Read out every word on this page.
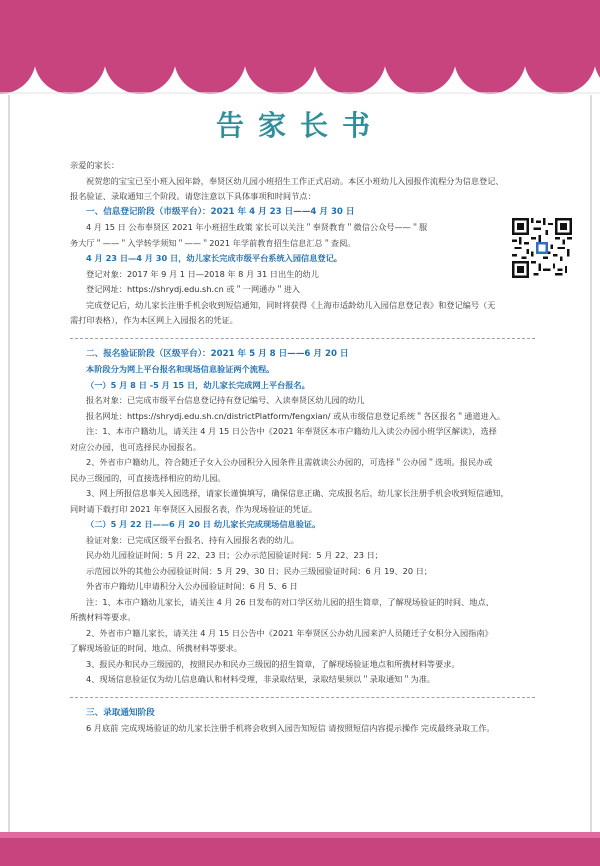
告家长书

亲爱的家长：

祝贺您的宝宝已至小班入园年龄，奉贤区幼儿园小班招生工作正式启动。本区小班幼儿入园报作流程分为信息登记、

报名验证、录取通知三个阶段。请您注意以下具体事项和时间节点：

一、信息登记阶段（市级平台）：2021 年 4 月 23 日——4 月 30 日

4 月 15 日 公布奉贤区 2021 年小班招生政策 家长可以关注＂奉贤教育＂微信公众号——＂服

务大厅＂——＂入学转学须知＂——＂2021 年学前教育招生信息汇总＂查阅。

4 月 23 日—4 月 30 日，幼儿家长完成市级平台系统入园信息登记。

登记对象：2017 年 9 月 1 日—2018 年 8 月 31 日出生的幼儿

登记网址：https://shrydj.edu.sh.cn 或＂一网通办＂进入

完成登记后，幼儿家长注册手机会收到短信通知，同时将获得《上海市适龄幼儿入园信息登记表》和登记编号（无

需打印表格），作为本区网上入园报名的凭证。

二、报名验证阶段（区级平台）：2021 年 5 月 8 日——6 月 20 日

本阶段分为网上平台报名和现场信息验证两个流程。

（一）5 月 8 日 -5 月 15 日，幼儿家长完成网上平台报名。

报名对象：已完成市级平台信息登记持有登记编号、入读奉贤区幼儿园的幼儿

报名网址：https://shrydj.edu.sh.cn/districtPlatform/fengxian/ 或从市级信息登记系统＂各区报名＂通道进入。

注：1、本市户籍幼儿，请关注 4 月 15 日公告中《2021 年奉贤区本市户籍幼儿入读公办园小班学区解读》，选择

对应公办园，也可选择民办园报名。

2、外省市户籍幼儿，符合随迁子女入公办园积分入园条件且需就读公办园的，可选择＂公办园＂选项。报民办或

民办三级园的，可直接选择相应的幼儿园。

3、网上所报信息事关入园选择，请家长谨慎填写，确保信息正确、完成报名后，幼儿家长注册手机会收到短信通知，

同时请下载打印 2021 年奉贤区入园报名表，作为现场验证的凭证。

（二）5 月 22 日——6 月 20 日 幼儿家长完成现场信息验证。

验证对象：已完成区级平台报名、持有入园报名表的幼儿。

民办幼儿园验证时间：5 月 22、23 日；公办示范园验证时间：5 月 22、23 日；

示范园以外的其他公办园验证时间：5 月 29、30 日；民办三级园验证时间：6 月 19、20 日；

外省市户籍幼儿申请积分入公办园验证时间：6 月 5、6 日

注：1、本市户籍幼儿家长，请关注 4 月 26 日发布的对口学区幼儿园的招生简章，了解现场验证的时间、地点、

所携材料等要求。

2、外省市户籍儿家长，请关注 4 月 15 日公告中《2021 年奉贤区公办幼儿园来沪人员随迁子女积分入园指南》

了解现场验证的时间、地点、所携材料等要求。

3、报民办和民办三级园的，按照民办和民办三级园的招生简章，了解现场验证地点和所携材料等要求。

4、现场信息验证仅为幼儿信息确认和材料受理，非录取结果，录取结果须以＂录取通知＂为准。

三、录取通知阶段

6 月底前 完成现场验证的幼儿家长注册手机将会收到入园告知短信 请按照短信内容提示操作 完成最终录取工作。
